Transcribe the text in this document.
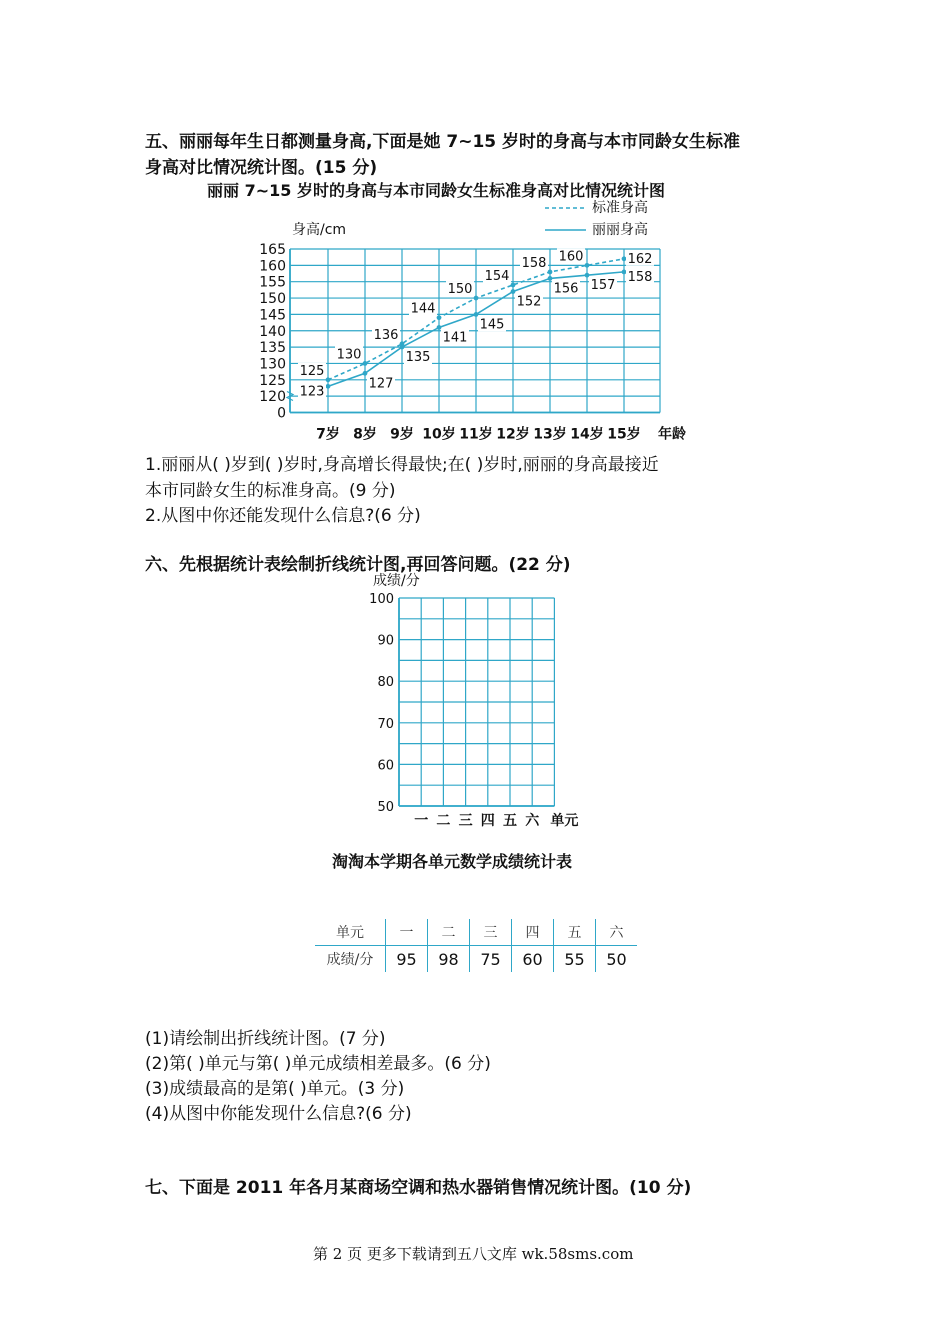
五、丽丽每年生日都测量身高,下面是她 7~15 岁时的身高与本市同龄女生标准
身高对比情况统计图。(15 分)
丽丽 7~15 岁时的身高与本市同龄女生标准身高对比情况统计图
165
160
155
150
145
140
135
130
125
120
0
身高/cm
7岁 8岁 9岁 10岁 11岁 12岁 13岁 14岁 15岁 年龄
标准身高
丽丽身高
125
130
136
144
150
154
158 160	162
123
127
135
141
145
152
156 157
158
1.丽丽从( )岁到( )岁时,身高增长得最快;在( )岁时,丽丽的身高最接近
本市同龄女生的标准身高。(9 分)
2.从图中你还能发现什么信息?(6 分)
六、先根据统计表绘制折线统计图,再回答问题。(22 分)
成绩/分
100
90
80
70
60
50
一 二 三 四 五 六 单元
淘淘本学期各单元数学成绩统计表
单元	一	二	三	四	五	六
成绩/分	95	98	75	60	55	50
(1)请绘制出折线统计图。(7 分)
(2)第( )单元与第( )单元成绩相差最多。(6 分)
(3)成绩最高的是第( )单元。(3 分)
(4)从图中你能发现什么信息?(6 分)
七、下面是 2011 年各月某商场空调和热水器销售情况统计图。(10 分)
第 2 页 更多下载请到五八文库 wk.58sms.com
